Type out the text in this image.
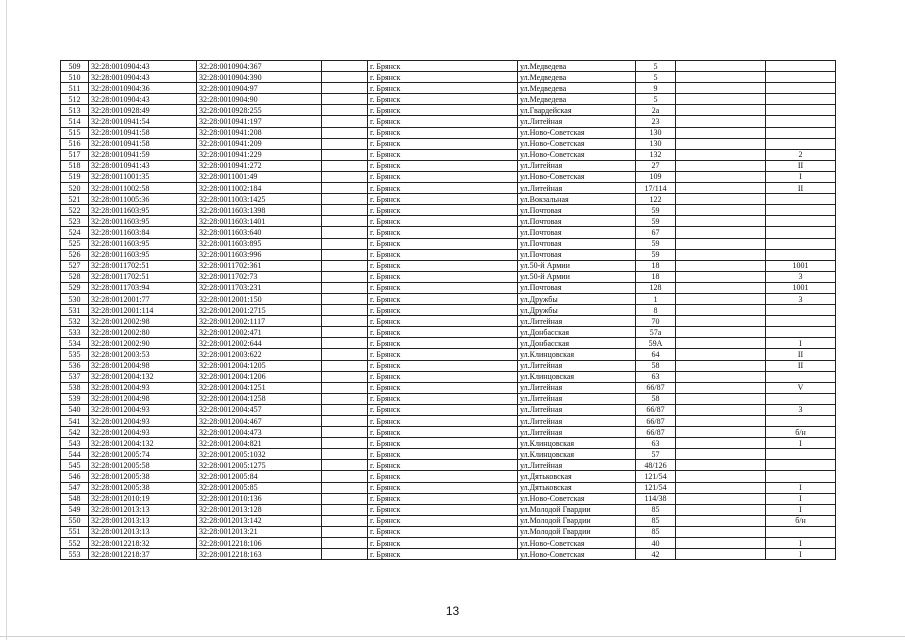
509	32:28:0010904:43	32:28:0010904:367		г. Брянск	ул.Медведева	5		
510	32:28:0010904:43	32:28:0010904:390		г. Брянск	ул.Медведева	5		
511	32:28:0010904:36	32:28:0010904:97		г. Брянск	ул.Медведева	9		
512	32:28:0010904:43	32:28:0010904:90		г. Брянск	ул.Медведева	5		
513	32:28:0010928:49	32:28:0010928:255		г. Брянск	ул.Гвардейская	2а		
514	32:28:0010941:54	32:28:0010941:197		г. Брянск	ул.Литейная	23		
515	32:28:0010941:58	32:28:0010941:208		г. Брянск	ул.Ново-Советская	130		
516	32:28:0010941:58	32:28:0010941:209		г. Брянск	ул.Ново-Советская	130		
517	32:28:0010941:59	32:28:0010941:229		г. Брянск	ул.Ново-Советская	132		2
518	32:28:0010941:43	32:28:0010941:272		г. Брянск	ул.Литейная	27		II
519	32:28:0011001:35	32:28:0011001:49		г. Брянск	ул.Ново-Советская	109		I
520	32:28:0011002:58	32:28:0011002:184		г. Брянск	ул.Литейная	17/114		II
521	32:28:0011005:36	32:28:0011003:1425		г. Брянск	ул.Вокзальная	122		
522	32:28:0011603:95	32:28:0011603:1398		г. Брянск	ул.Почтовая	59		
523	32:28:0011603:95	32:28:0011603:1401		г. Брянск	ул.Почтовая	59		
524	32:28:0011603:84	32:28:0011603:640		г. Брянск	ул.Почтовая	67		
525	32:28:0011603:95	32:28:0011603:895		г. Брянск	ул.Почтовая	59		
526	32:28:0011603:95	32:28:0011603:996		г. Брянск	ул.Почтовая	59		
527	32:28:0011702:51	32:28:0011702:361		г. Брянск	ул.50-й Армии	18		1001
528	32:28:0011702:51	32:28:0011702:73		г. Брянск	ул.50-й Армии	18		3
529	32:28:0011703:94	32:28:0011703:231		г. Брянск	ул.Почтовая	128		1001
530	32:28:0012001:77	32:28:0012001:150		г. Брянск	ул.Дружбы	1		3
531	32:28:0012001:114	32:28:0012001:2715		г. Брянск	ул.Дружбы	8		
532	32:28:0012002:98	32:28:0012002:1117		г. Брянск	ул.Литейная	70		
533	32:28:0012002:80	32:28:0012002:471		г. Брянск	ул.Донбасская	57а		
534	32:28:0012002:90	32:28:0012002:644		г. Брянск	ул.Донбасская	59А		I
535	32:28:0012003:53	32:28:0012003:622		г. Брянск	ул.Клинцовская	64		II
536	32:28:0012004:98	32:28:0012004:1205		г. Брянск	ул.Литейная	58		II
537	32:28:0012004:132	32:28:0012004:1206		г. Брянск	ул.Клинцовская	63		
538	32:28:0012004:93	32:28:0012004:1251		г. Брянск	ул.Литейная	66/87		V
539	32:28:0012004:98	32:28:0012004:1258		г. Брянск	ул.Литейная	58		
540	32:28:0012004:93	32:28:0012004:457		г. Брянск	ул.Литейная	66/87		3
541	32:28:0012004:93	32:28:0012004:467		г. Брянск	ул.Литейная	66/87		
542	32:28:0012004:93	32:28:0012004:473		г. Брянск	ул.Литейная	66/87		б/н
543	32:28:0012004:132	32:28:0012004:821		г. Брянск	ул.Клинцовская	63		I
544	32:28:0012005:74	32:28:0012005:1032		г. Брянск	ул.Клинцовская	57		
545	32:28:0012005:58	32:28:0012005:1275		г. Брянск	ул.Литейная	48/126		
546	32:28:0012005:38	32:28:0012005:84		г. Брянск	ул.Дятьковская	121/54		
547	32:28:0012005:38	32:28:0012005:85		г. Брянск	ул.Дятьковская	121/54		I
548	32:28:0012010:19	32:28:0012010:136		г. Брянск	ул.Ново-Советская	114/38		I
549	32:28:0012013:13	32:28:0012013:128		г. Брянск	ул.Молодой Гвардии	85		I
550	32:28:0012013:13	32:28:0012013:142		г. Брянск	ул.Молодой Гвардии	85		б/н
551	32:28:0012013:13	32:28:0012013:21		г. Брянск	ул.Молодой Гвардии	85		
552	32:28:0012218:32	32:28:0012218:106		г. Брянск	ул.Ново-Советская	40		I
553	32:28:0012218:37	32:28:0012218:163		г. Брянск	ул.Ново-Советская	42		I
13
